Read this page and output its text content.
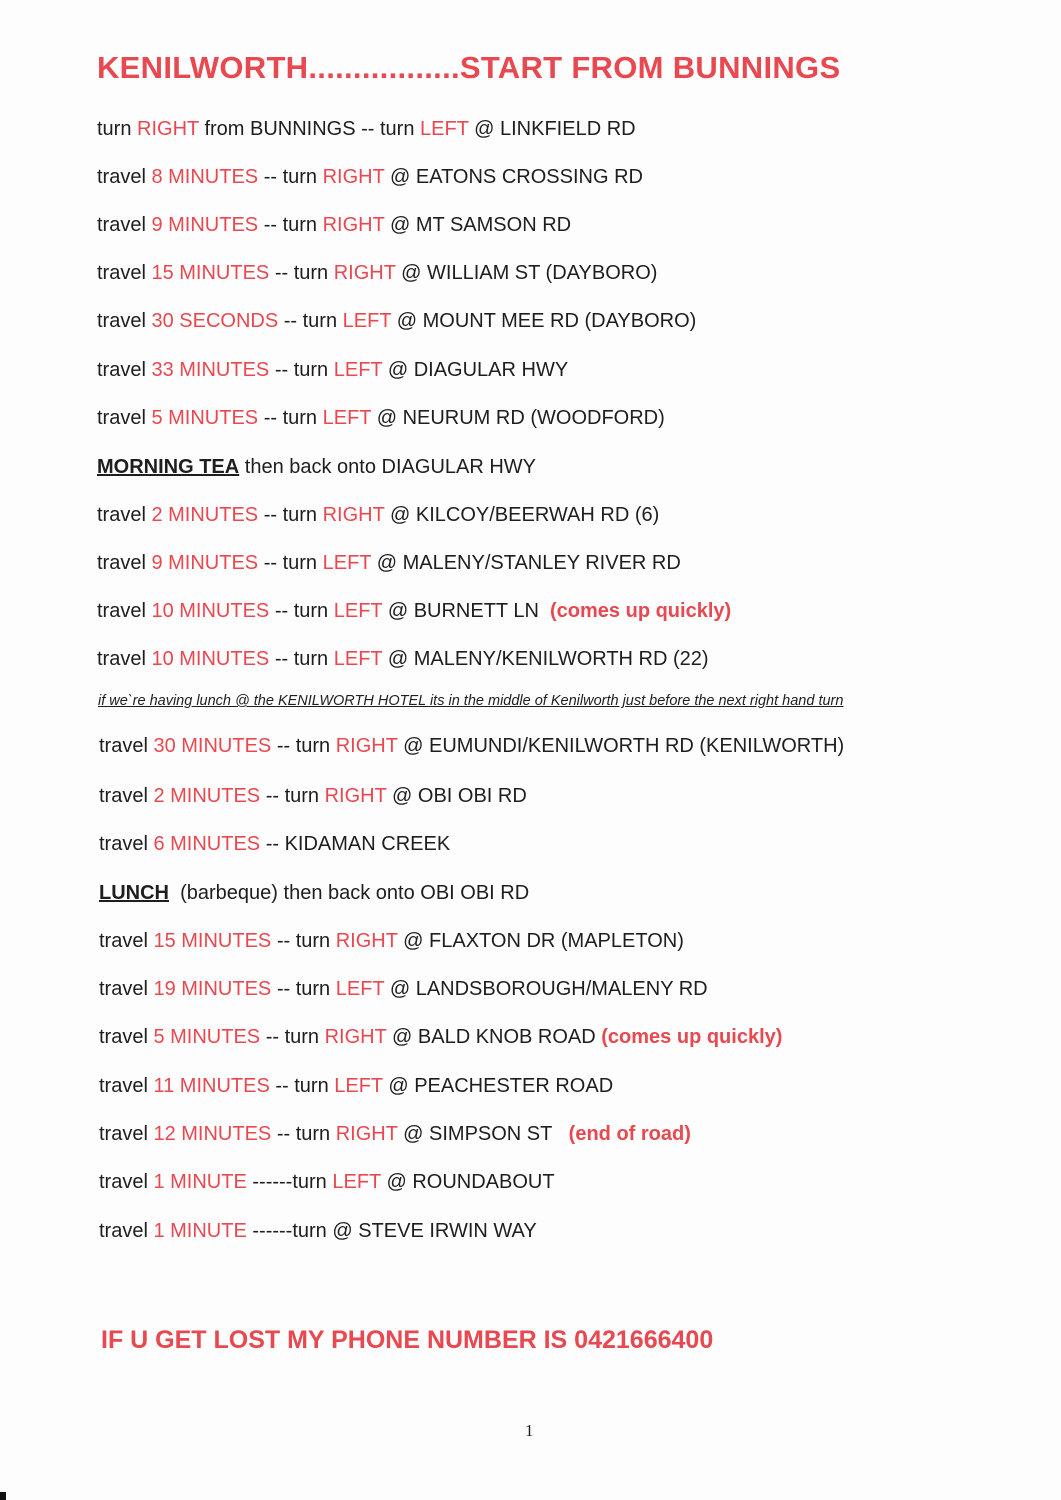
KENILWORTH.................START FROM BUNNINGS
turn RIGHT from BUNNINGS -- turn LEFT @ LINKFIELD RD
travel 8 MINUTES -- turn RIGHT @ EATONS CROSSING RD
travel 9 MINUTES -- turn RIGHT @ MT SAMSON RD
travel 15 MINUTES -- turn RIGHT @ WILLIAM ST (DAYBORO)
travel 30 SECONDS -- turn LEFT @ MOUNT MEE RD (DAYBORO)
travel 33 MINUTES -- turn LEFT @ DIAGULAR HWY
travel 5 MINUTES -- turn LEFT @ NEURUM RD (WOODFORD)
MORNING TEA then back onto DIAGULAR HWY
travel 2 MINUTES -- turn RIGHT @ KILCOY/BEERWAH RD (6)
travel 9 MINUTES -- turn LEFT @ MALENY/STANLEY RIVER RD
travel 10 MINUTES -- turn LEFT @ BURNETT LN  (comes up quickly)
travel 10 MINUTES -- turn LEFT @ MALENY/KENILWORTH RD (22)
if we`re having lunch @ the KENILWORTH HOTEL its in the middle of Kenilworth just before the next right hand turn
travel 30 MINUTES -- turn RIGHT @ EUMUNDI/KENILWORTH RD (KENILWORTH)
travel 2 MINUTES -- turn RIGHT @ OBI OBI RD
travel 6 MINUTES -- KIDAMAN CREEK
LUNCH  (barbeque) then back onto OBI OBI RD
travel 15 MINUTES -- turn RIGHT @ FLAXTON DR (MAPLETON)
travel 19 MINUTES -- turn LEFT @ LANDSBOROUGH/MALENY RD
travel 5 MINUTES -- turn RIGHT @ BALD KNOB ROAD (comes up quickly)
travel 11 MINUTES -- turn LEFT @ PEACHESTER ROAD
travel 12 MINUTES -- turn RIGHT @ SIMPSON ST   (end of road)
travel 1 MINUTE ------turn LEFT @ ROUNDABOUT
travel 1 MINUTE ------turn @ STEVE IRWIN WAY
IF U GET LOST MY PHONE NUMBER IS 0421666400
1
